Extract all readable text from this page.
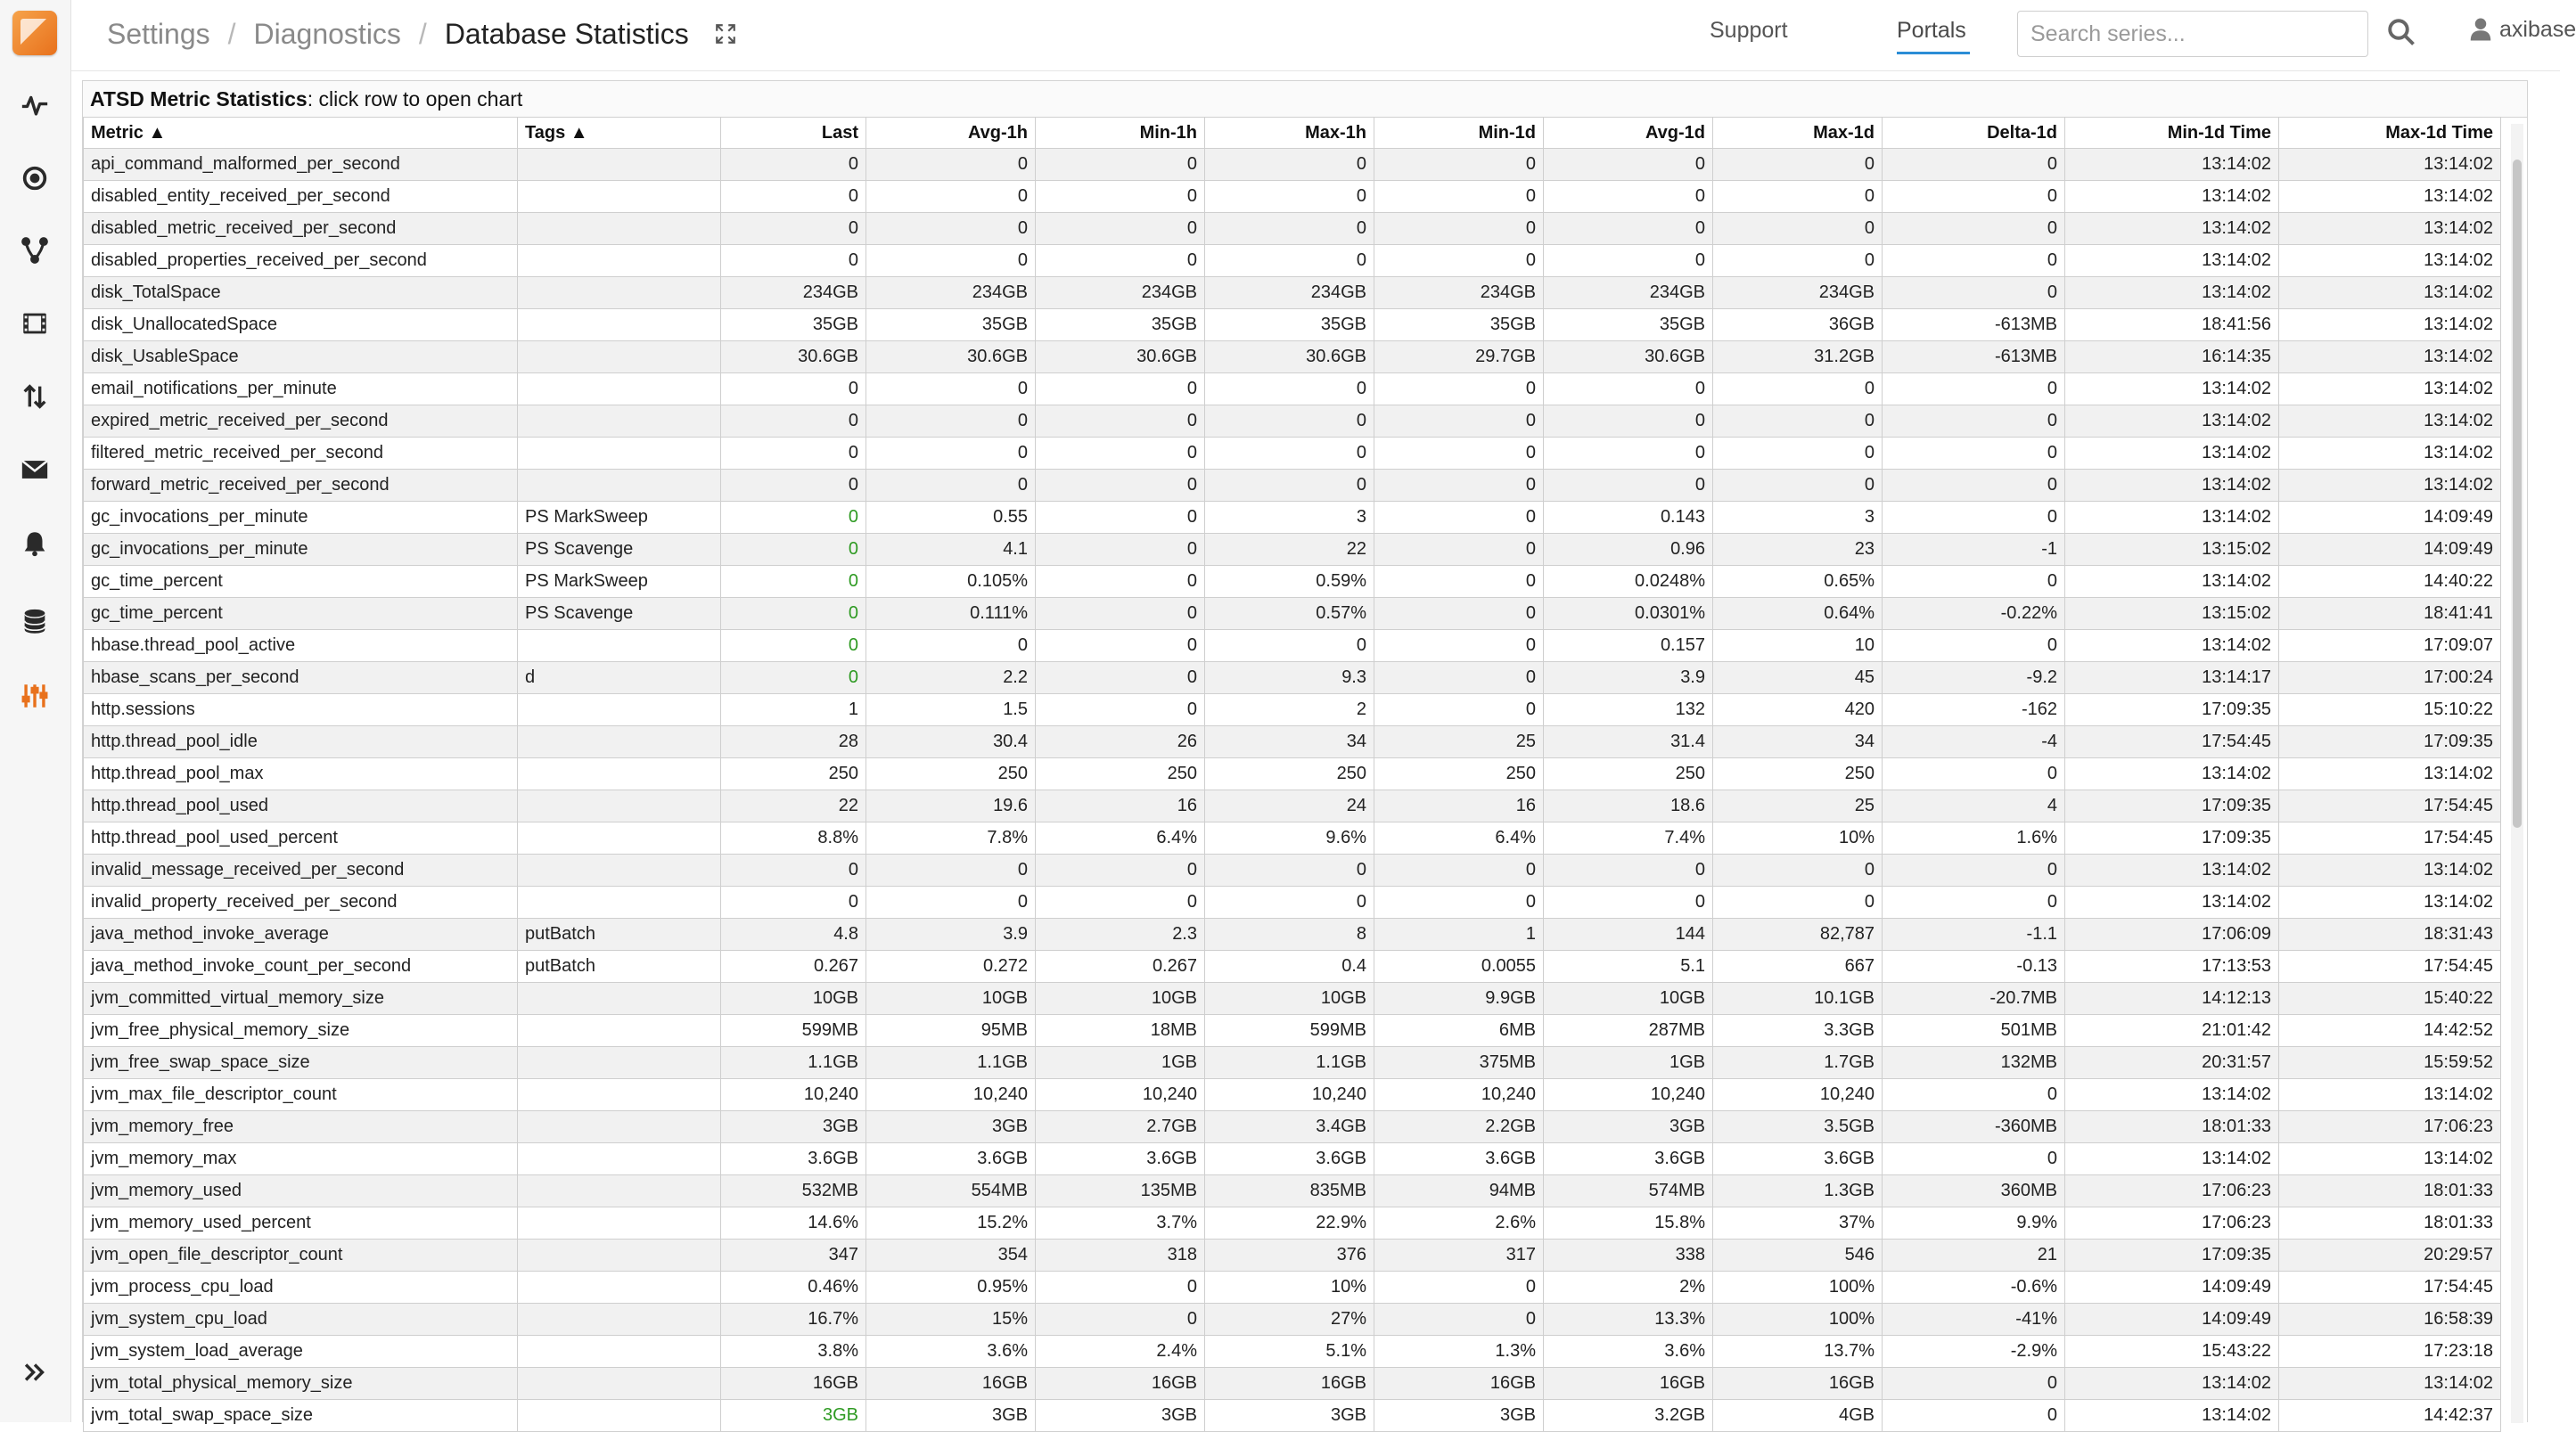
Settings / Diagnostics / Database Statistics	Support	Portals
Search series...	axibase
ATSD Metric Statistics: click row to open chart
Metric ▲	Tags ▲	Last	Avg-1h	Min-1h	Max-1h	Min-1d	Avg-1d	Max-1d	Delta-1d	Min-1d Time	Max-1d Time
api_command_malformed_per_second		0	0	0	0	0	0	0	0	13:14:02	13:14:02
disabled_entity_received_per_second		0	0	0	0	0	0	0	0	13:14:02	13:14:02
disabled_metric_received_per_second		0	0	0	0	0	0	0	0	13:14:02	13:14:02
disabled_properties_received_per_second		0	0	0	0	0	0	0	0	13:14:02	13:14:02
disk_TotalSpace		234GB	234GB	234GB	234GB	234GB	234GB	234GB	0	13:14:02	13:14:02
disk_UnallocatedSpace		35GB	35GB	35GB	35GB	35GB	35GB	36GB	-613MB	18:41:56	13:14:02
disk_UsableSpace		30.6GB	30.6GB	30.6GB	30.6GB	29.7GB	30.6GB	31.2GB	-613MB	16:14:35	13:14:02
email_notifications_per_minute		0	0	0	0	0	0	0	0	13:14:02	13:14:02
expired_metric_received_per_second		0	0	0	0	0	0	0	0	13:14:02	13:14:02
filtered_metric_received_per_second		0	0	0	0	0	0	0	0	13:14:02	13:14:02
forward_metric_received_per_second		0	0	0	0	0	0	0	0	13:14:02	13:14:02
gc_invocations_per_minute	PS MarkSweep	0	0.55	0	3	0	0.143	3	0	13:14:02	14:09:49
gc_invocations_per_minute	PS Scavenge	0	4.1	0	22	0	0.96	23	-1	13:15:02	14:09:49
gc_time_percent	PS MarkSweep	0	0.105%	0	0.59%	0	0.0248%	0.65%	0	13:14:02	14:40:22
gc_time_percent	PS Scavenge	0	0.111%	0	0.57%	0	0.0301%	0.64%	-0.22%	13:15:02	18:41:41
hbase.thread_pool_active		0	0	0	0	0	0.157	10	0	13:14:02	17:09:07
hbase_scans_per_second	d	0	2.2	0	9.3	0	3.9	45	-9.2	13:14:17	17:00:24
http.sessions		1	1.5	0	2	0	132	420	-162	17:09:35	15:10:22
http.thread_pool_idle		28	30.4	26	34	25	31.4	34	-4	17:54:45	17:09:35
http.thread_pool_max		250	250	250	250	250	250	250	0	13:14:02	13:14:02
http.thread_pool_used		22	19.6	16	24	16	18.6	25	4	17:09:35	17:54:45
http.thread_pool_used_percent		8.8%	7.8%	6.4%	9.6%	6.4%	7.4%	10%	1.6%	17:09:35	17:54:45
invalid_message_received_per_second		0	0	0	0	0	0	0	0	13:14:02	13:14:02
invalid_property_received_per_second		0	0	0	0	0	0	0	0	13:14:02	13:14:02
java_method_invoke_average	putBatch	4.8	3.9	2.3	8	1	144	82,787	-1.1	17:06:09	18:31:43
java_method_invoke_count_per_second	putBatch	0.267	0.272	0.267	0.4	0.0055	5.1	667	-0.13	17:13:53	17:54:45
jvm_committed_virtual_memory_size		10GB	10GB	10GB	10GB	9.9GB	10GB	10.1GB	-20.7MB	14:12:13	15:40:22
jvm_free_physical_memory_size		599MB	95MB	18MB	599MB	6MB	287MB	3.3GB	501MB	21:01:42	14:42:52
jvm_free_swap_space_size		1.1GB	1.1GB	1GB	1.1GB	375MB	1GB	1.7GB	132MB	20:31:57	15:59:52
jvm_max_file_descriptor_count		10,240	10,240	10,240	10,240	10,240	10,240	10,240	0	13:14:02	13:14:02
jvm_memory_free		3GB	3GB	2.7GB	3.4GB	2.2GB	3GB	3.5GB	-360MB	18:01:33	17:06:23
jvm_memory_max		3.6GB	3.6GB	3.6GB	3.6GB	3.6GB	3.6GB	3.6GB	0	13:14:02	13:14:02
jvm_memory_used		532MB	554MB	135MB	835MB	94MB	574MB	1.3GB	360MB	17:06:23	18:01:33
jvm_memory_used_percent		14.6%	15.2%	3.7%	22.9%	2.6%	15.8%	37%	9.9%	17:06:23	18:01:33
jvm_open_file_descriptor_count		347	354	318	376	317	338	546	21	17:09:35	20:29:57
jvm_process_cpu_load		0.46%	0.95%	0	10%	0	2%	100%	-0.6%	14:09:49	17:54:45
jvm_system_cpu_load		16.7%	15%	0	27%	0	13.3%	100%	-41%	14:09:49	16:58:39
jvm_system_load_average		3.8%	3.6%	2.4%	5.1%	1.3%	3.6%	13.7%	-2.9%	15:43:22	17:23:18
jvm_total_physical_memory_size		16GB	16GB	16GB	16GB	16GB	16GB	16GB	0	13:14:02	13:14:02
jvm_total_swap_space_size		3GB	3GB	3GB	3GB	3GB	3.2GB	4GB	0	13:14:02	14:42:37
